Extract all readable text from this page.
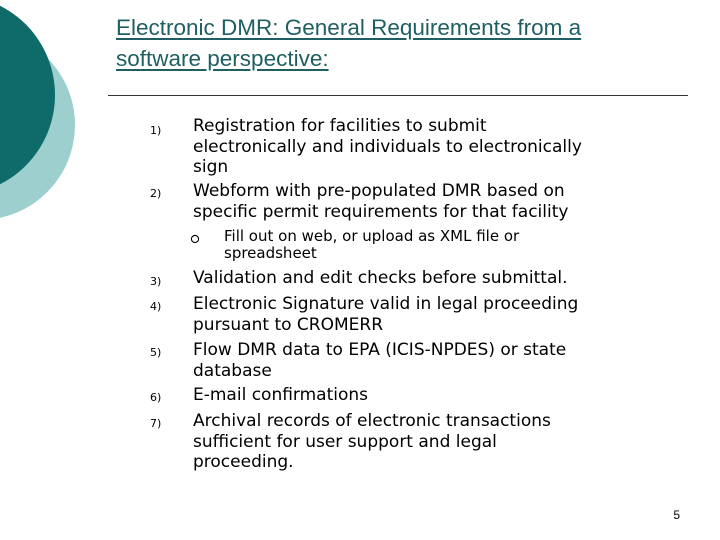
Electronic DMR: General Requirements from a
software perspective:
1)	Registration for facilities to submit
electronically and individuals to electronically
sign
2)	Webform with pre-populated DMR based on
specific permit requirements for that facility
Fill out on web, or upload as XML file or
spreadsheet
3)	Validation and edit checks before submittal.
4)	Electronic Signature valid in legal proceeding
pursuant to CROMERR
5)	Flow DMR data to EPA (ICIS-NPDES) or state
database
6)	E-mail confirmations
7)	Archival records of electronic transactions
sufficient for user support and legal
proceeding.
5
